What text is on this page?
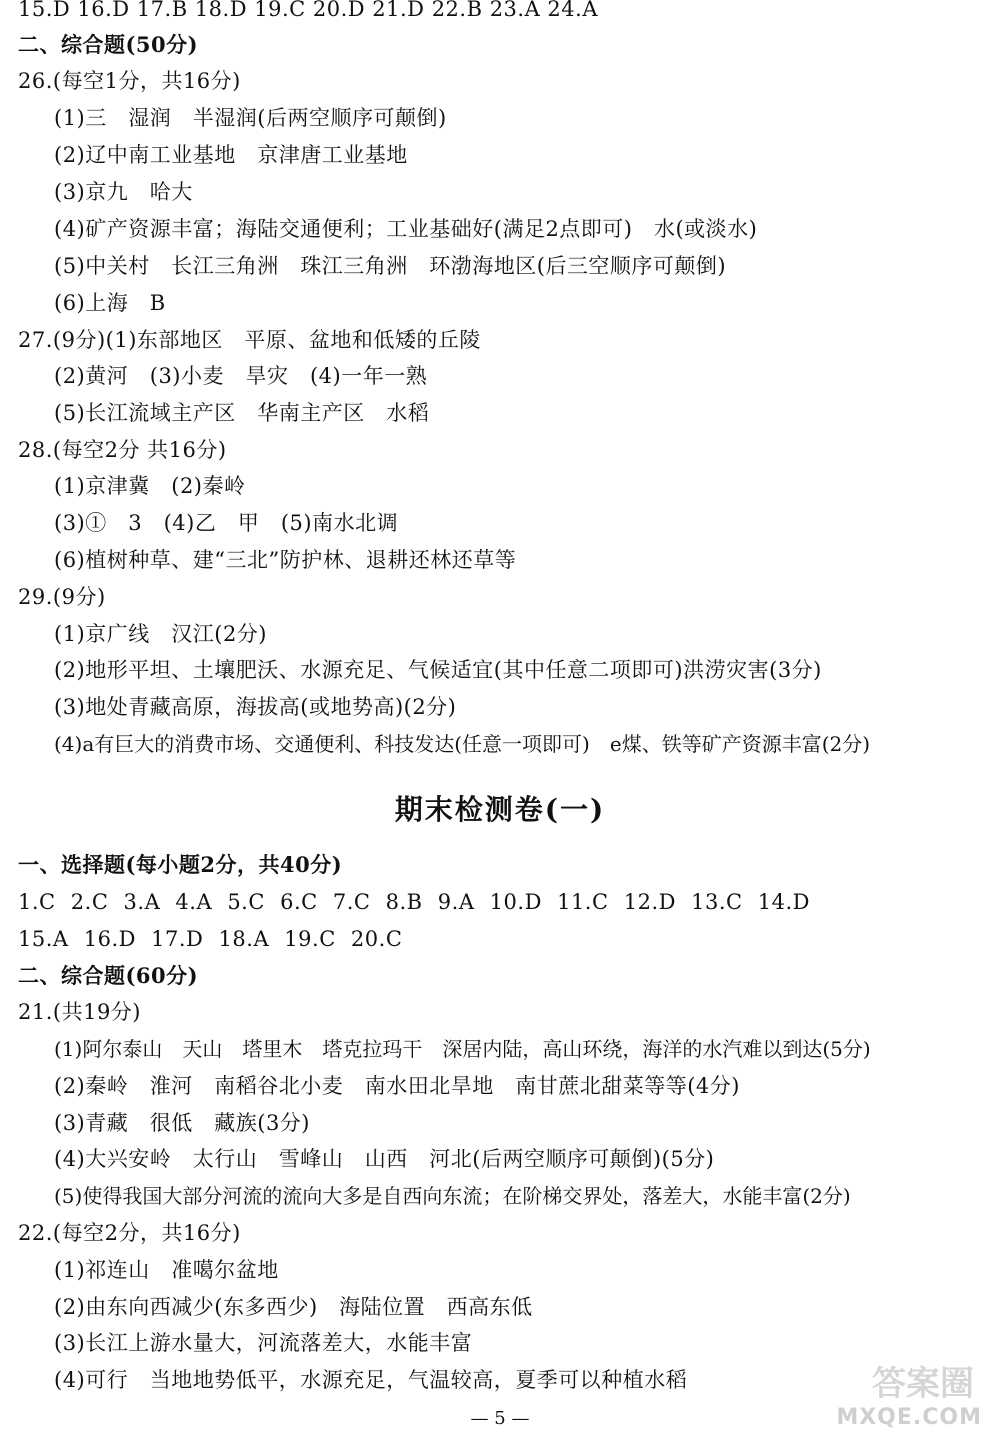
15.D 16.D 17.B 18.D 19.C 20.D 21.D 22.B 23.A 24.A
二、综合题(50分)
26.(每空1分，共16分)
(1)三　湿润　半湿润(后两空顺序可颠倒)
(2)辽中南工业基地　京津唐工业基地
(3)京九　哈大
(4)矿产资源丰富；海陆交通便利；工业基础好(满足2点即可)　水(或淡水)
(5)中关村　长江三角洲　珠江三角洲　环渤海地区(后三空顺序可颠倒)
(6)上海　B
27.(9分)(1)东部地区　平原、盆地和低矮的丘陵
(2)黄河　(3)小麦　旱灾　(4)一年一熟
(5)长江流域主产区　华南主产区　水稻
28.(每空2分 共16分)
(1)京津冀　(2)秦岭
(3)①　3　(4)乙　甲　(5)南水北调
(6)植树种草、建“三北”防护林、退耕还林还草等
29.(9分)
(1)京广线　汉江(2分)
(2)地形平坦、土壤肥沃、水源充足、气候适宜(其中任意二项即可)洪涝灾害(3分)
(3)地处青藏高原，海拔高(或地势高)(2分)
(4)a有巨大的消费市场、交通便利、科技发达(任意一项即可)　e煤、铁等矿产资源丰富(2分)
期末检测卷(一)
一、选择题(每小题2分，共40分)
1.C 2.C 3.A 4.A 5.C 6.C 7.C 8.B 9.A 10.D 11.C 12.D 13.C 14.D
15.A 16.D 17.D 18.A 19.C 20.C
二、综合题(60分)
21.(共19分)
(1)阿尔泰山　天山　塔里木　塔克拉玛干　深居内陆，高山环绕，海洋的水汽难以到达(5分)
(2)秦岭　淮河　南稻谷北小麦　南水田北旱地　南甘蔗北甜菜等等(4分)
(3)青藏　很低　藏族(3分)
(4)大兴安岭　太行山　雪峰山　山西　河北(后两空顺序可颠倒)(5分)
(5)使得我国大部分河流的流向大多是自西向东流；在阶梯交界处，落差大，水能丰富(2分)
22.(每空2分，共16分)
(1)祁连山　准噶尔盆地
(2)由东向西减少(东多西少)　海陆位置　西高东低
(3)长江上游水量大，河流落差大，水能丰富
(4)可行　当地地势低平，水源充足，气温较高，夏季可以种植水稻
— 5 —
答案圈
MXQE.COM
